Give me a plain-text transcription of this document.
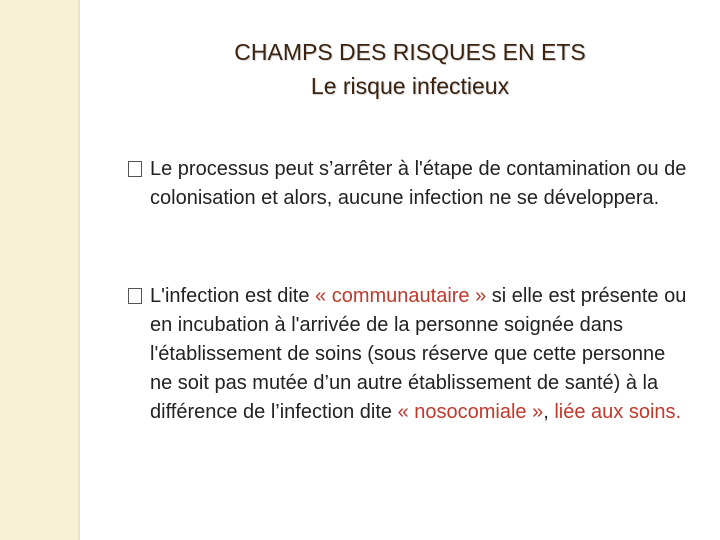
CHAMPS DES RISQUES EN ETS
Le risque infectieux
Le processus peut s’arrêter à l'étape de contamination ou de colonisation et alors, aucune infection ne se développera.
L'infection est dite « communautaire » si elle est présente ou en incubation à l'arrivée de la personne soignée dans l'établissement de soins (sous réserve que cette personne ne soit pas mutée d’un autre établissement de santé) à la différence de l’infection dite « nosocomiale », liée aux soins.
